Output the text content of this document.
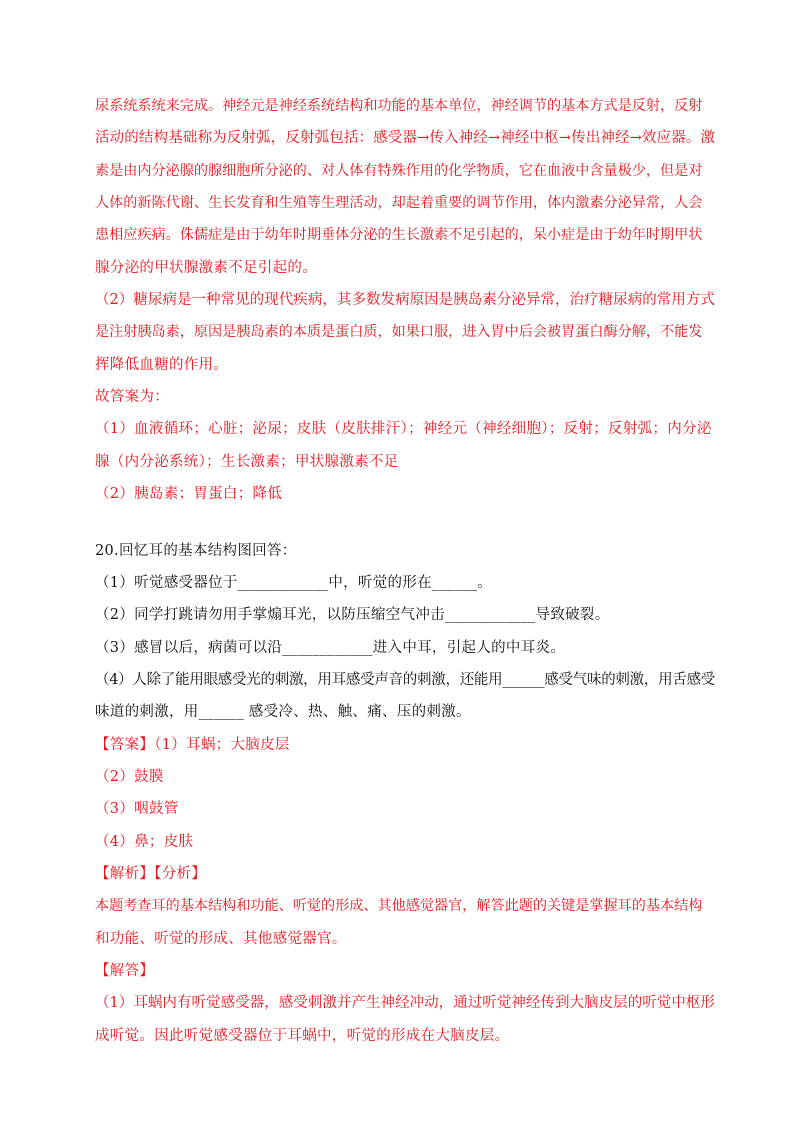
尿系统系统来完成。神经元是神经系统结构和功能的基本单位，神经调节的基本方式是反射，反射
活动的结构基础称为反射弧，反射弧包括：感受器→传入神经→神经中枢→传出神经→效应器。激
素是由内分泌腺的腺细胞所分泌的、对人体有特殊作用的化学物质，它在血液中含量极少，但是对
人体的新陈代谢、生长发育和生殖等生理活动，却起着重要的调节作用，体内激素分泌异常，人会
患相应疾病。侏儒症是由于幼年时期垂体分泌的生长激素不足引起的，呆小症是由于幼年时期甲状
腺分泌的甲状腺激素不足引起的。
（2）糖尿病是一种常见的现代疾病，其多数发病原因是胰岛素分泌异常，治疗糖尿病的常用方式
是注射胰岛素，原因是胰岛素的本质是蛋白质，如果口服，进入胃中后会被胃蛋白酶分解，不能发
挥降低血糖的作用。
故答案为：
（1）血液循环；心脏；泌尿；皮肤（皮肤排汗）；神经元（神经细胞）；反射；反射弧；内分泌
腺（内分泌系统）；生长激素；甲状腺激素不足
（2）胰岛素；胃蛋白；降低
20.回忆耳的基本结构图回答：
（1）听觉感受器位于____________中，听觉的形在______。
（2）同学打跳请勿用手掌煽耳光，以防压缩空气冲击____________导致破裂。
（3）感冒以后，病菌可以沿____________进入中耳，引起人的中耳炎。
（4）人除了能用眼感受光的刺激，用耳感受声音的刺激，还能用______感受气味的刺激，用舌感受
味道的刺激，用______ 感受冷、热、触、痛、压的刺激。
【答案】（1）耳蜗；大脑皮层
（2）鼓膜
（3）咽鼓管
（4）鼻；皮肤
【解析】【分析】
本题考查耳的基本结构和功能、听觉的形成、其他感觉器官，解答此题的关键是掌握耳的基本结构
和功能、听觉的形成、其他感觉器官。
【解答】
（1）耳蜗内有听觉感受器，感受刺激并产生神经冲动，通过听觉神经传到大脑皮层的听觉中枢形
成听觉。因此听觉感受器位于耳蜗中，听觉的形成在大脑皮层。
